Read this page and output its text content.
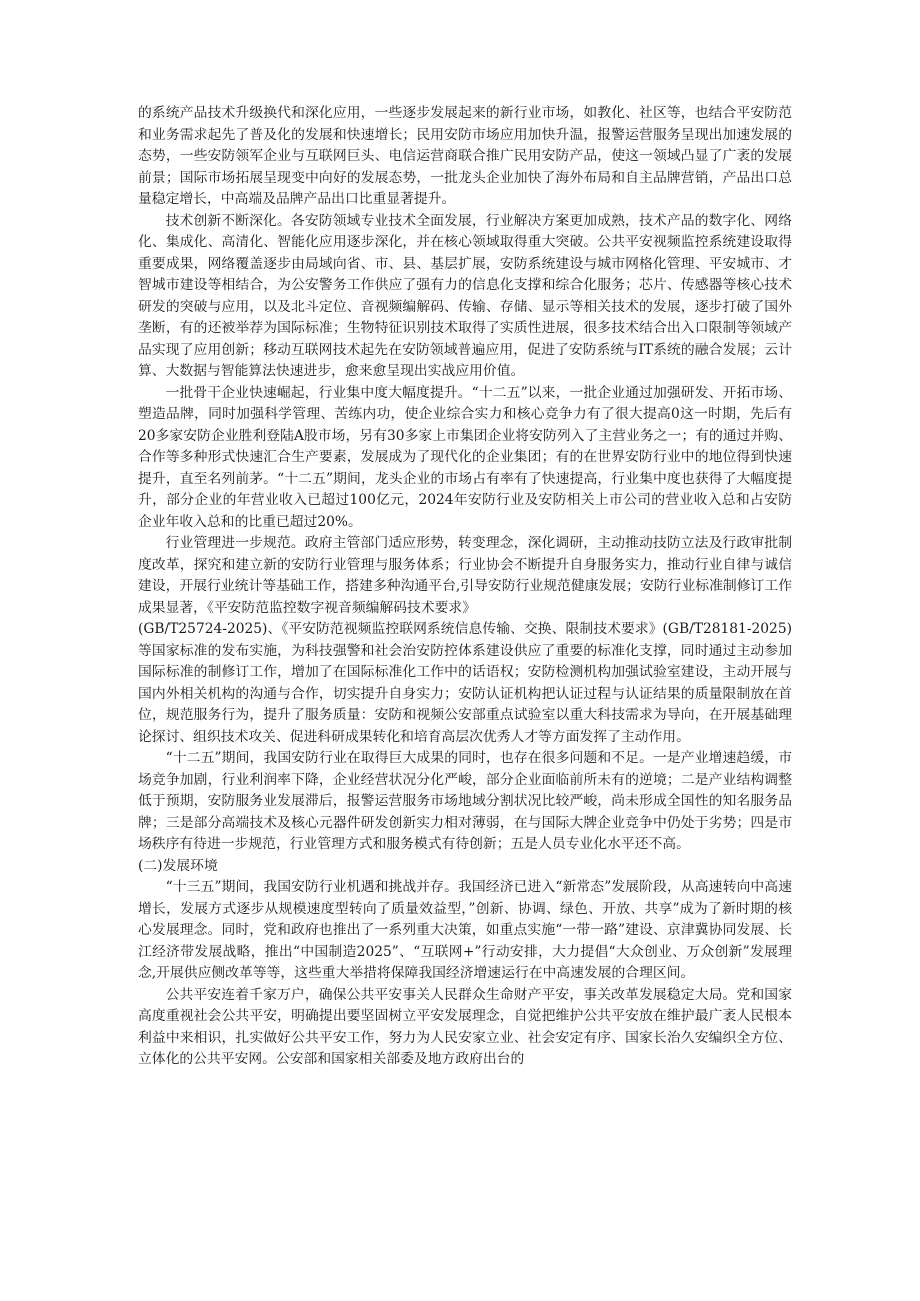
的系统产品技术升级换代和深化应用，一些逐步发展起来的新行业市场，如教化、社区等，也结合平安防范和业务需求起先了普及化的发展和快速增长；民用安防市场应用加快升温，报警运营服务呈现出加速发展的态势，一些安防领军企业与互联网巨头、电信运营商联合推广民用安防产品，使这一领域凸显了广袤的发展前景；国际市场拓展呈现变中向好的发展态势，一批龙头企业加快了海外布局和自主品牌营销，产品出口总量稳定增长，中高端及品牌产品出口比重显著提升。

技术创新不断深化。各安防领域专业技术全面发展，行业解决方案更加成熟，技术产品的数字化、网络化、集成化、高清化、智能化应用逐步深化，并在核心领域取得重大突破。公共平安视频监控系统建设取得重要成果，网络覆盖逐步由局域向省、市、县、基层扩展，安防系统建设与城市网格化管理、平安城市、才智城市建设等相结合，为公安警务工作供应了强有力的信息化支撑和综合化服务；芯片、传感器等核心技术研发的突破与应用，以及北斗定位、音视频编解码、传输、存储、显示等相关技术的发展，逐步打破了国外垄断，有的还被举荐为国际标准；生物特征识别技术取得了实质性进展，很多技术结合出入口限制等领域产品实现了应用创新；移动互联网技术起先在安防领域普遍应用，促进了安防系统与IT系统的融合发展；云计算、大数据与智能算法快速进步，愈来愈呈现出实战应用价值。

一批骨干企业快速崛起，行业集中度大幅度提升。“十二五”以来，一批企业通过加强研发、开拓市场、塑造品牌，同时加强科学管理、苦练内功，使企业综合实力和核心竞争力有了很大提高0这一时期，先后有20多家安防企业胜利登陆A股市场，另有30多家上市集团企业将安防列入了主营业务之一；有的通过并购、合作等多种形式快速汇合生产要素，发展成为了现代化的企业集团；有的在世界安防行业中的地位得到快速提升，直至名列前茅。“十二五”期间，龙头企业的市场占有率有了快速提高，行业集中度也获得了大幅度提升，部分企业的年营业收入已超过100亿元，2024年安防行业及安防相关上市公司的营业收入总和占安防企业年收入总和的比重已超过20%。

行业管理进一步规范。政府主管部门适应形势，转变理念，深化调研，主动推动技防立法及行政审批制度改革，探究和建立新的安防行业管理与服务体系；行业协会不断提升自身服务实力，推动行业自律与诚信建设，开展行业统计等基础工作，搭建多种沟通平台,引导安防行业规范健康发展；安防行业标准制修订工作成果显著，《平安防范监控数字视音频编解码技术要求》

(GB/T25724-2025)、《平安防范视频监控联网系统信息传输、交换、限制技术要求》(GB/T28181-2025)等国家标准的发布实施，为科技强警和社会治安防控体系建设供应了重要的标准化支撑，同时通过主动参加国际标准的制修订工作，增加了在国际标准化工作中的话语权；安防检测机构加强试验室建设，主动开展与国内外相关机构的沟通与合作，切实提升自身实力；安防认证机构把认证过程与认证结果的质量限制放在首位，规范服务行为，提升了服务质量：安防和视频公安部重点试验室以重大科技需求为导向，在开展基础理论探讨、组织技术攻关、促进科研成果转化和培育高层次优秀人才等方面发挥了主动作用。

“十二五”期间，我国安防行业在取得巨大成果的同时，也存在很多问题和不足。一是产业增速趋缓，市场竞争加剧，行业利润率下降，企业经营状况分化严峻，部分企业面临前所未有的逆境；二是产业结构调整低于预期，安防服务业发展滞后，报警运营服务市场地域分割状况比较严峻，尚未形成全国性的知名服务品牌；三是部分高端技术及核心元器件研发创新实力相对薄弱，在与国际大牌企业竞争中仍处于劣势；四是市场秩序有待进一步规范，行业管理方式和服务模式有待创新；五是人员专业化水平还不高。

(二)发展环境

“十三五”期间，我国安防行业机遇和挑战并存。我国经济已进入“新常态”发展阶段，从高速转向中高速增长，发展方式逐步从规模速度型转向了质量效益型，”创新、协调、绿色、开放、共享”成为了新时期的核心发展理念。同时，党和政府也推出了一系列重大决策，如重点实施“一带一路”建设、京津冀协同发展、长江经济带发展战略，推出“中国制造2025”、“互联网+”行动安排，大力提倡“大众创业、万众创新”发展理念,开展供应侧改革等等，这些重大举措将保障我国经济增速运行在中高速发展的合理区间。

公共平安连着千家万户，确保公共平安事关人民群众生命财产平安，事关改革发展稳定大局。党和国家高度重视社会公共平安，明确提出要坚固树立平安发展理念，自觉把维护公共平安放在维护最广袤人民根本利益中来相识，扎实做好公共平安工作，努力为人民安家立业、社会安定有序、国家长治久安编织全方位、立体化的公共平安网。公安部和国家相关部委及地方政府出台的
